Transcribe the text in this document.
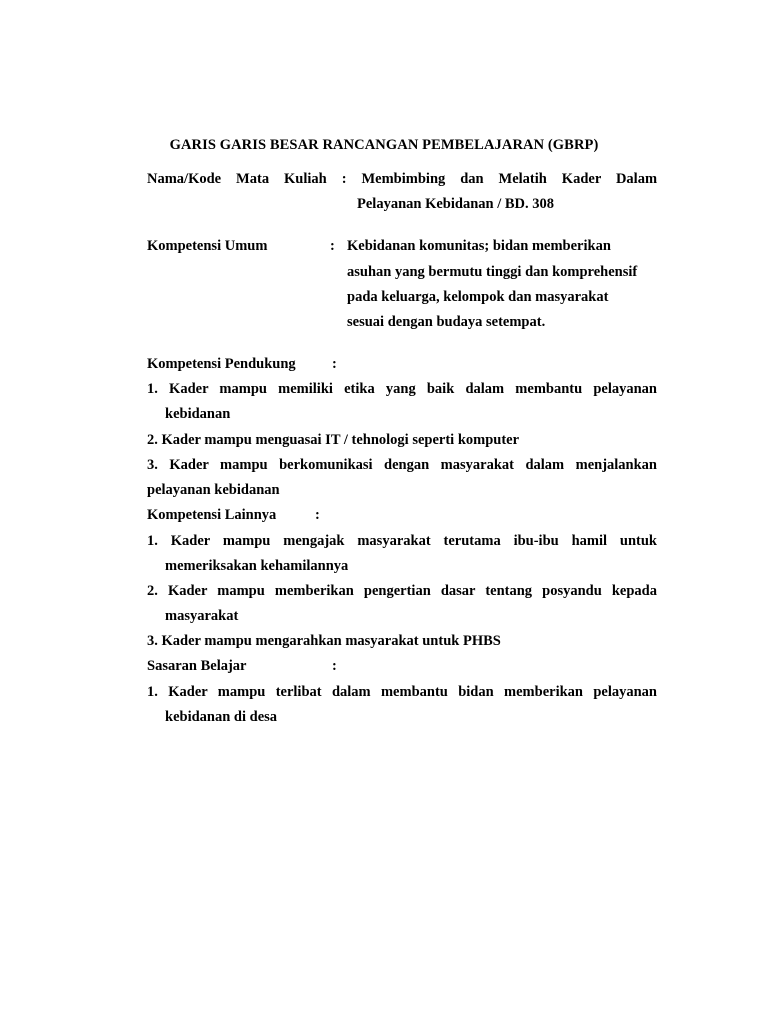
GARIS GARIS BESAR RANCANGAN PEMBELAJARAN (GBRP)
Nama/Kode Mata Kuliah : Membimbing dan Melatih Kader Dalam
Pelayanan Kebidanan / BD. 308
Kompetensi Umum	: Kebidanan komunitas; bidan memberikan
asuhan yang bermutu tinggi dan komprehensif
pada keluarga, kelompok dan masyarakat
sesuai dengan budaya setempat.
Kompetensi Pendukung	:
1. Kader mampu memiliki etika yang baik dalam membantu pelayanan
kebidanan
2. Kader mampu menguasai IT / tehnologi seperti komputer
3. Kader mampu berkomunikasi dengan masyarakat dalam menjalankan
pelayanan kebidanan
Kompetensi Lainnya	:
1. Kader mampu mengajak masyarakat terutama ibu-ibu hamil untuk
memeriksakan kehamilannya
2. Kader mampu memberikan pengertian dasar tentang posyandu kepada
masyarakat
3. Kader mampu mengarahkan masyarakat untuk PHBS
Sasaran Belajar	:
1. Kader mampu terlibat dalam membantu bidan memberikan pelayanan
kebidanan di desa
